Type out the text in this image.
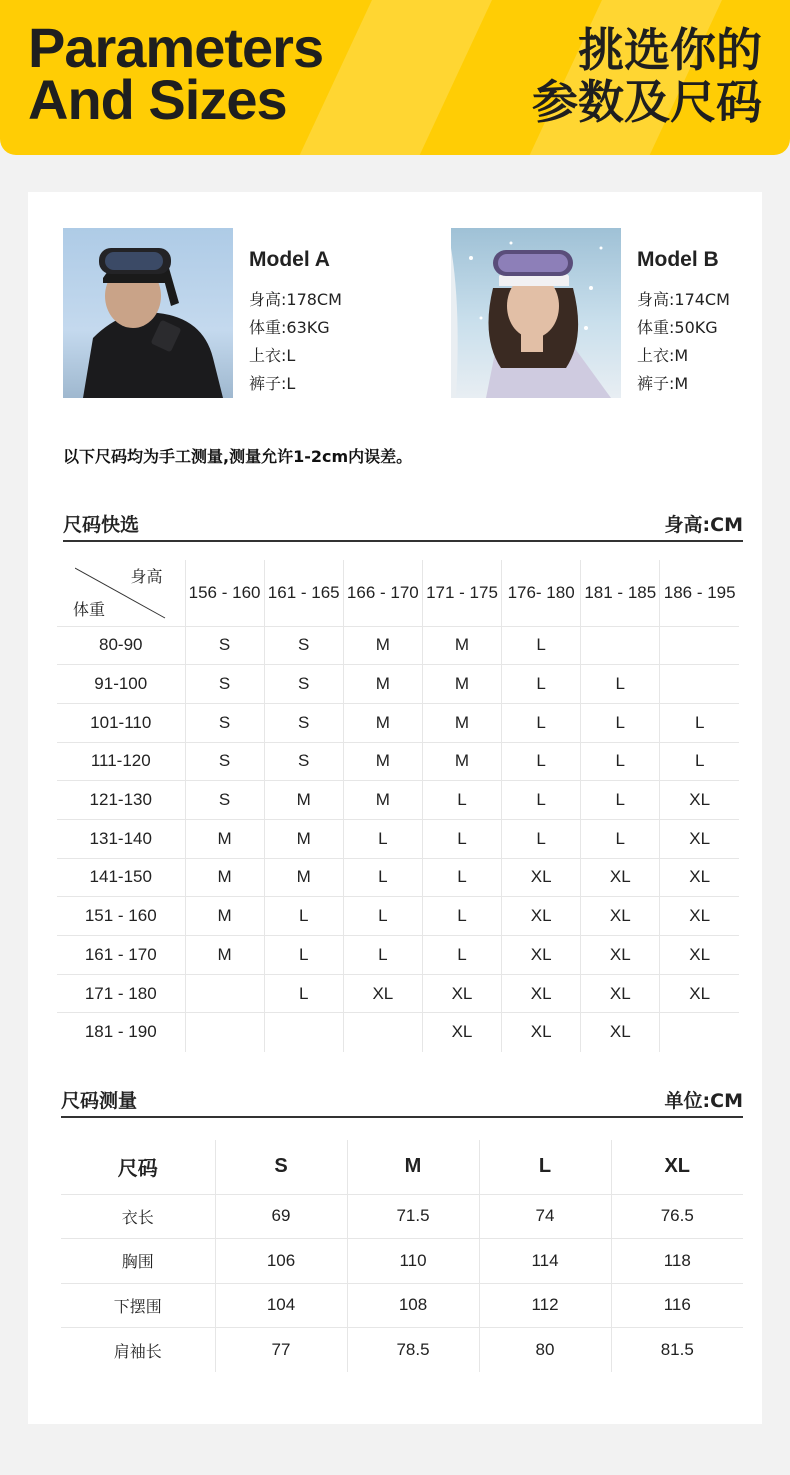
Parameters
And Sizes
挑选你的
参数及尺码
Model A
身高:178CM
体重:63KG
上衣:L
裤子:L
Model B
身高:174CM
体重:50KG
上衣:M
裤子:M
以下尺码均为手工测量,测量允许1-2cm内误差。
尺码快选	身高:CM
身高
体重	156 - 160	161 - 165	166 - 170	171 - 175	176- 180	181 - 185	186 - 195
80-90	S	S	M	M	L		
91-100	S	S	M	M	L	L	
101-110	S	S	M	M	L	L	L
111-120	S	S	M	M	L	L	L
121-130	S	M	M	L	L	L	XL
131-140	M	M	L	L	L	L	XL
141-150	M	M	L	L	XL	XL	XL
151 - 160	M	L	L	L	XL	XL	XL
161 - 170	M	L	L	L	XL	XL	XL
171 - 180		L	XL	XL	XL	XL	XL
181 - 190				XL	XL	XL	
尺码测量	单位:CM
尺码	S	M	L	XL
衣长	69	71.5	74	76.5
胸围	106	110	114	118
下摆围	104	108	112	116
肩袖长	77	78.5	80	81.5
